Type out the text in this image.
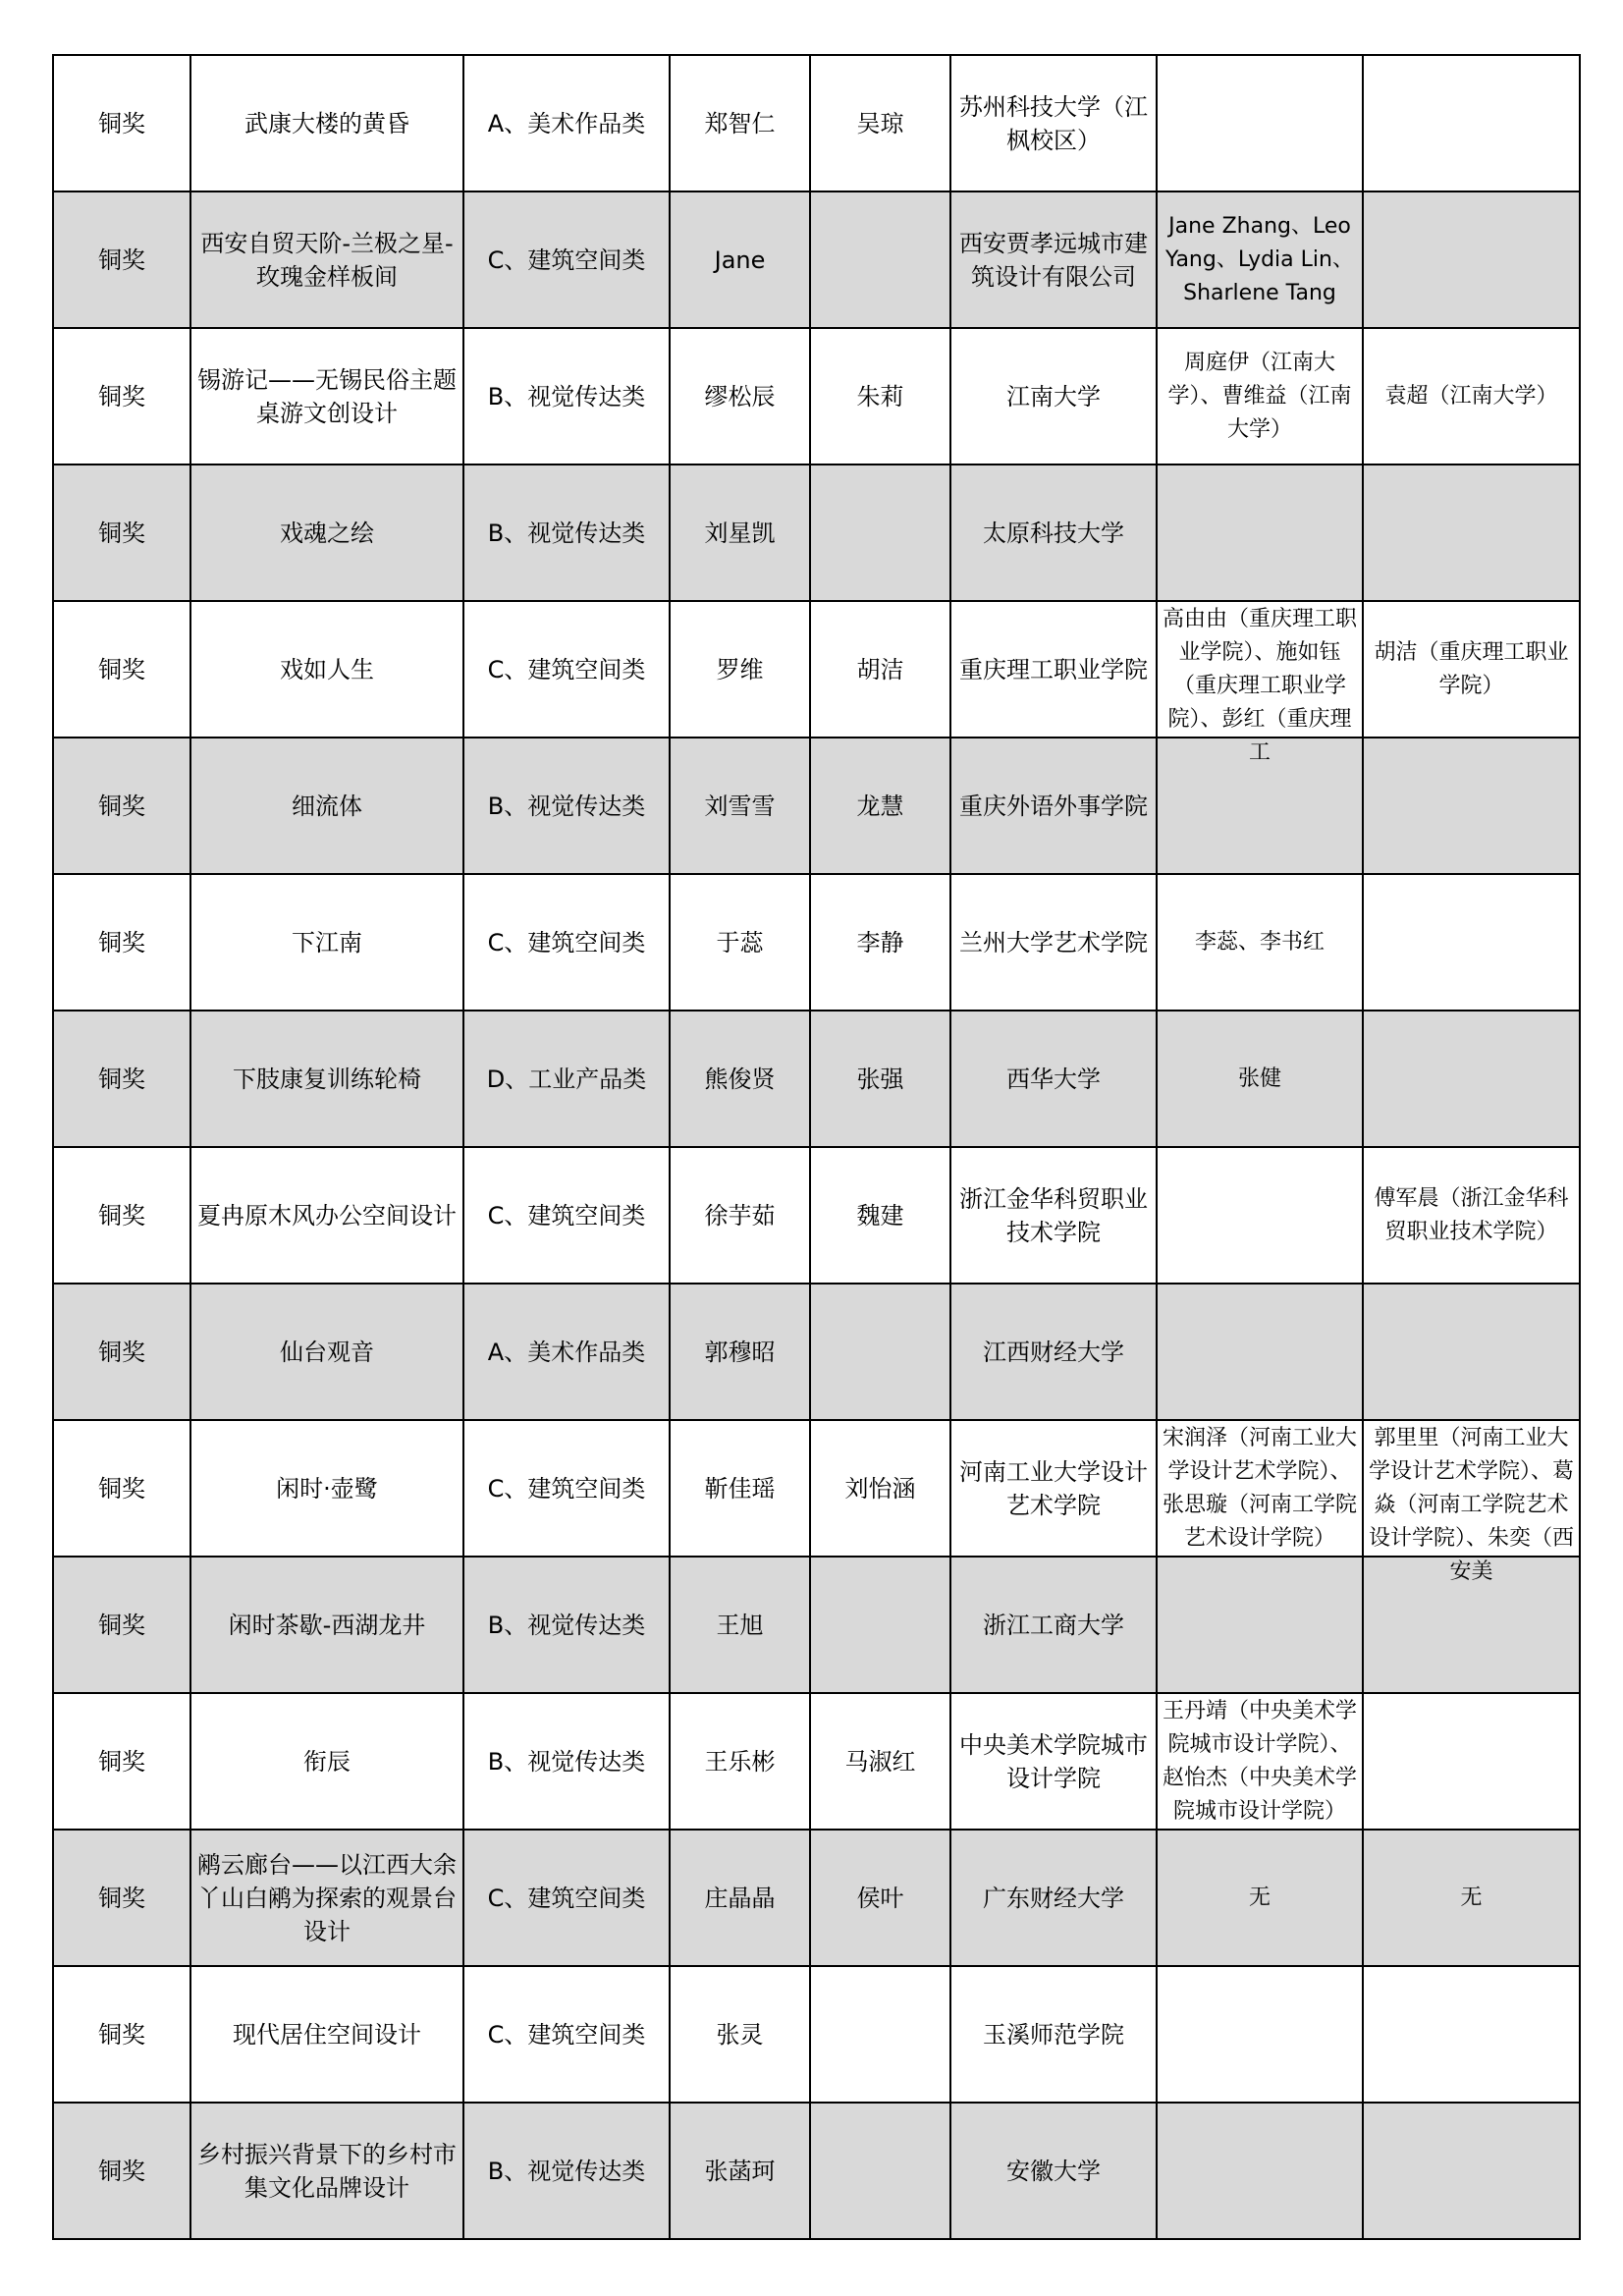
铜奖	武康大楼的黄昏	A、美术作品类	郑智仁	吴琼	苏州科技大学（江枫校区）		

铜奖	西安自贸天阶-兰极之星-玫瑰金样板间	C、建筑空间类	Jane		西安贾孝远城市建筑设计有限公司	Jane Zhang、Leo Yang、Lydia Lin、Sharlene Tang	

铜奖	锡游记——无锡民俗主题桌游文创设计	B、视觉传达类	缪松辰	朱莉	江南大学	周庭伊（江南大学）、曹维益（江南大学）	袁超（江南大学）

铜奖	戏魂之绘	B、视觉传达类	刘星凯		太原科技大学		

铜奖	戏如人生	C、建筑空间类	罗维	胡洁	重庆理工职业学院	高由由（重庆理工职业学院）、施如钰（重庆理工职业学院）、彭红（重庆理	胡洁（重庆理工职业学院）

铜奖	细流体	B、视觉传达类	刘雪雪	龙慧	重庆外语外事学院		

铜奖	下江南	C、建筑空间类	于蕊	李静	兰州大学艺术学院	李蕊、李书红	

铜奖	下肢康复训练轮椅	D、工业产品类	熊俊贤	张强	西华大学	张健	

铜奖	夏冉原木风办公空间设计	C、建筑空间类	徐芋茹	魏建	浙江金华科贸职业技术学院		傅军晨（浙江金华科贸职业技术学院）

铜奖	仙台观音	A、美术作品类	郭穆昭		江西财经大学		

铜奖	闲时·壶鹭	C、建筑空间类	靳佳瑶	刘怡涵	河南工业大学设计艺术学院	宋润泽（河南工业大学设计艺术学院）、张思璇（河南工学院艺术设计学院）	郭里里（河南工业大学设计艺术学院）、葛焱（河南工学院艺术设计学院）、朱奕（西

铜奖	闲时茶歇-西湖龙井	B、视觉传达类	王旭		浙江工商大学		

铜奖	衔辰	B、视觉传达类	王乐彬	马淑红	中央美术学院城市设计学院	王丹靖（中央美术学院城市设计学院）、赵怡杰（中央美术学院城市设计学院）	

铜奖	鹇云廊台——以江西大余丫山白鹇为探索的观景台设计	C、建筑空间类	庄晶晶	侯叶	广东财经大学	无	无

铜奖	现代居住空间设计	C、建筑空间类	张灵		玉溪师范学院		

铜奖	乡村振兴背景下的乡村市集文化品牌设计	B、视觉传达类	张菡珂		安徽大学		
